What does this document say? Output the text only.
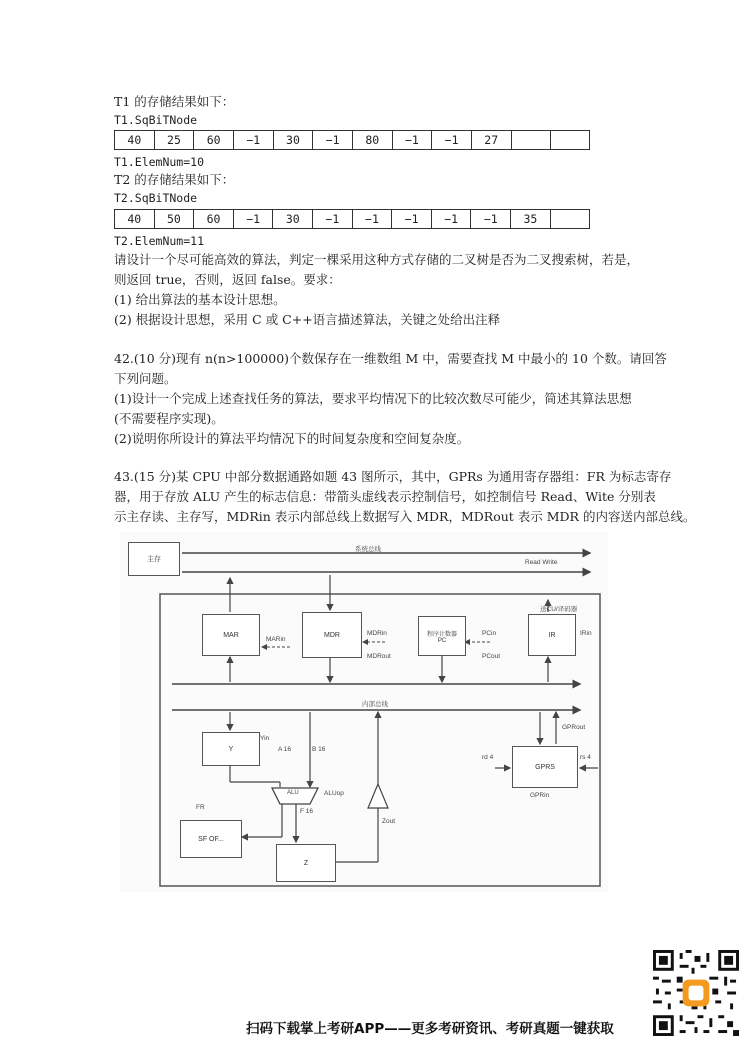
T1 的存储结果如下：
T1.SqBiTNode
40	25	60	−1	30	−1	80	−1	−1	27		
T1.ElemNum=10
T2 的存储结果如下：
T2.SqBiTNode
40	50	60	−1	30	−1	−1	−1	−1	−1	35	
T2.ElemNum=11
请设计一个尽可能高效的算法，判定一棵采用这种方式存储的二叉树是否为二叉搜索树，若是，
则返回 true，否则，返回 false。要求：
(1) 给出算法的基本设计思想。
(2) 根据设计思想，采用 C 或 C++语言描述算法，关键之处给出注释
42.(10 分)现有 n(n>100000)个数保存在一维数组 M 中，需要查找 M 中最小的 10 个数。请回答
下列问题。
(1)设计一个完成上述查找任务的算法，要求平均情况下的比较次数尽可能少，简述其算法思想
(不需要程序实现)。
(2)说明你所设计的算法平均情况下的时间复杂度和空间复杂度。
43.(15 分)某 CPU 中部分数据通路如题 43 图所示，其中，GPRs 为通用寄存器组：FR 为标志寄存
器，用于存放 ALU 产生的标志信息：带箭头虚线表示控制信号，如控制信号 Read、Wite 分别表
示主存读、主存写，MDRin 表示内部总线上数据写入 MDR，MDRout 表示 MDR 的内容送内部总线。
主存
系统总线
Read Write
送CU/译码器
MAR
MARin
MDR	MDRin
MDRout
程序计数器
PC
PCin
PCout
IR	IRin
内部总线
Y
Yin
A 16	B 16
ALU	ALUop
F 16
FR
SF OF...
Z
Zout
GPRS
GPRout
GPRin
rd 4	rs 4
扫码下载掌上考研APP——更多考研资讯、考研真题一键获取
